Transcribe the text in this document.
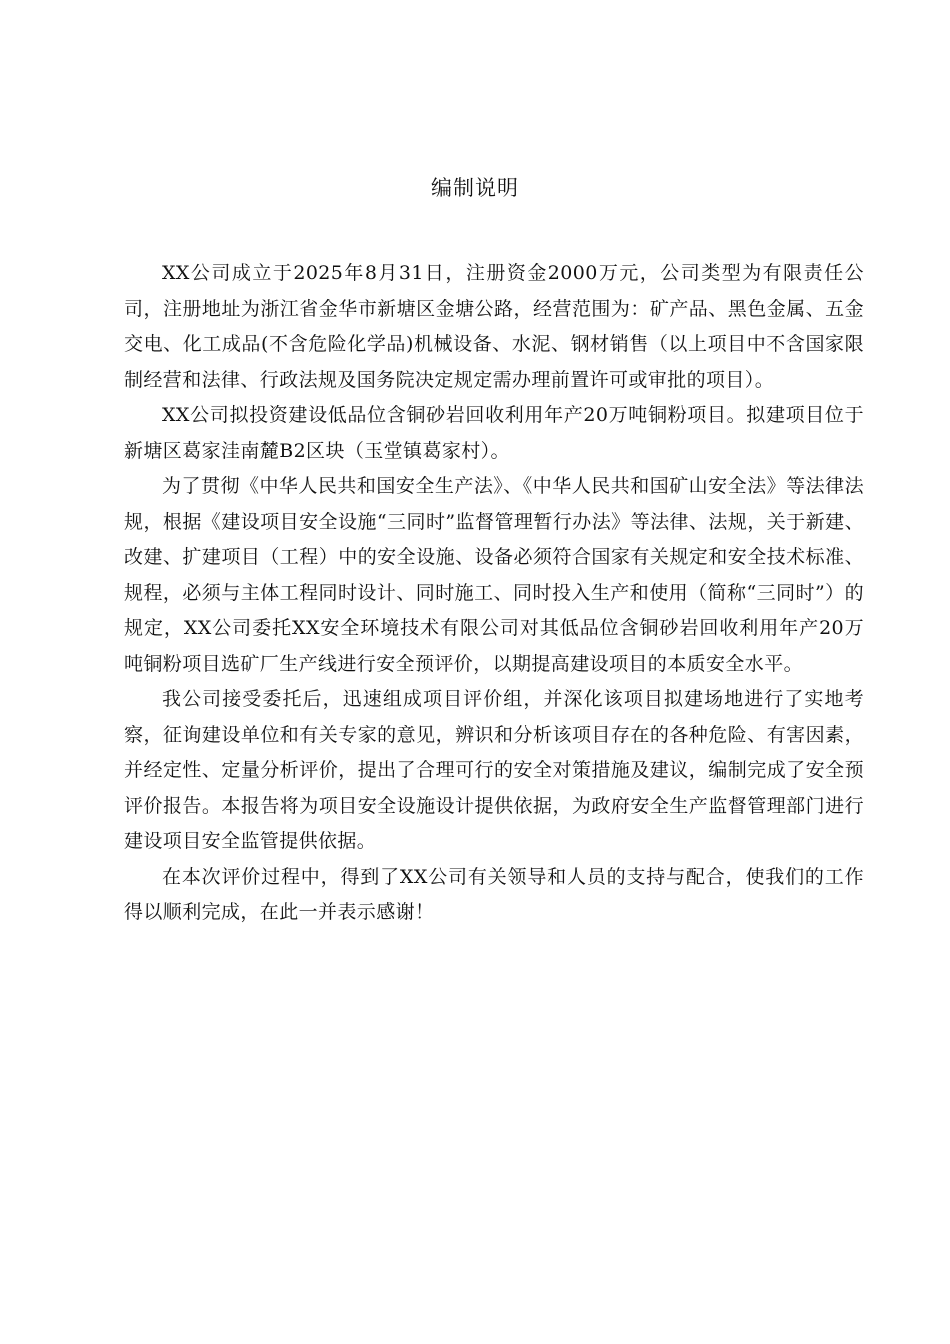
编制说明

XX公司成立于2025年8月31日，注册资金2000万元，公司类型为有限责任公司，注册地址为浙江省金华市新塘区金塘公路，经营范围为：矿产品、黑色金属、五金交电、化工成品(不含危险化学品)机械设备、水泥、钢材销售（以上项目中不含国家限制经营和法律、行政法规及国务院决定规定需办理前置许可或审批的项目）。

XX公司拟投资建设低品位含铜砂岩回收利用年产20万吨铜粉项目。拟建项目位于新塘区葛家洼南麓B2区块（玉堂镇葛家村）。

为了贯彻《中华人民共和国安全生产法》、《中华人民共和国矿山安全法》等法律法规，根据《建设项目安全设施“三同时”监督管理暂行办法》等法律、法规，关于新建、改建、扩建项目（工程）中的安全设施、设备必须符合国家有关规定和安全技术标准、规程，必须与主体工程同时设计、同时施工、同时投入生产和使用（简称“三同时”）的规定，XX公司委托XX安全环境技术有限公司对其低品位含铜砂岩回收利用年产20万吨铜粉项目选矿厂生产线进行安全预评价，以期提高建设项目的本质安全水平。

我公司接受委托后，迅速组成项目评价组，并深化该项目拟建场地进行了实地考察，征询建设单位和有关专家的意见，辨识和分析该项目存在的各种危险、有害因素，并经定性、定量分析评价，提出了合理可行的安全对策措施及建议，编制完成了安全预评价报告。本报告将为项目安全设施设计提供依据，为政府安全生产监督管理部门进行建设项目安全监管提供依据。

在本次评价过程中，得到了XX公司有关领导和人员的支持与配合，使我们的工作得以顺利完成，在此一并表示感谢！
